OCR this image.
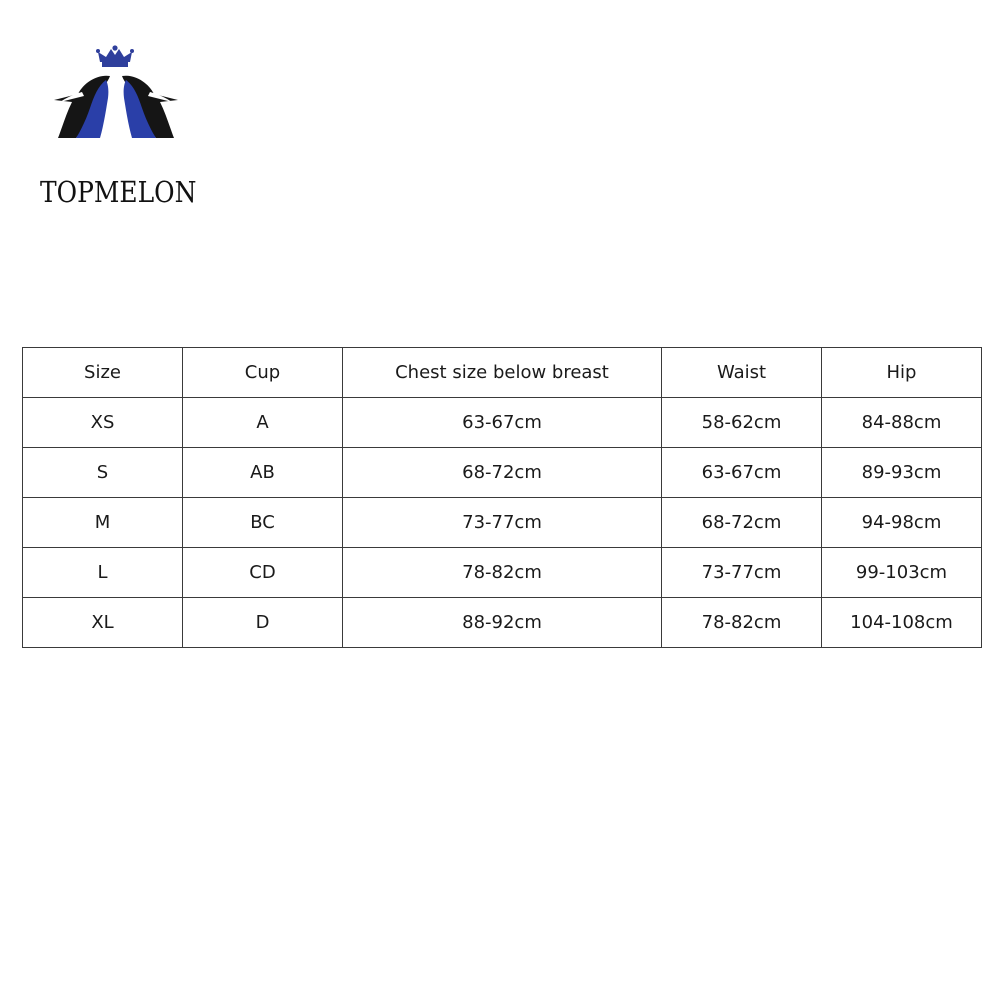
TOPMELON
Size	Cup	Chest size below breast	Waist	Hip
XS	A	63-67cm	58-62cm	84-88cm
S	AB	68-72cm	63-67cm	89-93cm
M	BC	73-77cm	68-72cm	94-98cm
L	CD	78-82cm	73-77cm	99-103cm
XL	D	88-92cm	78-82cm	104-108cm
